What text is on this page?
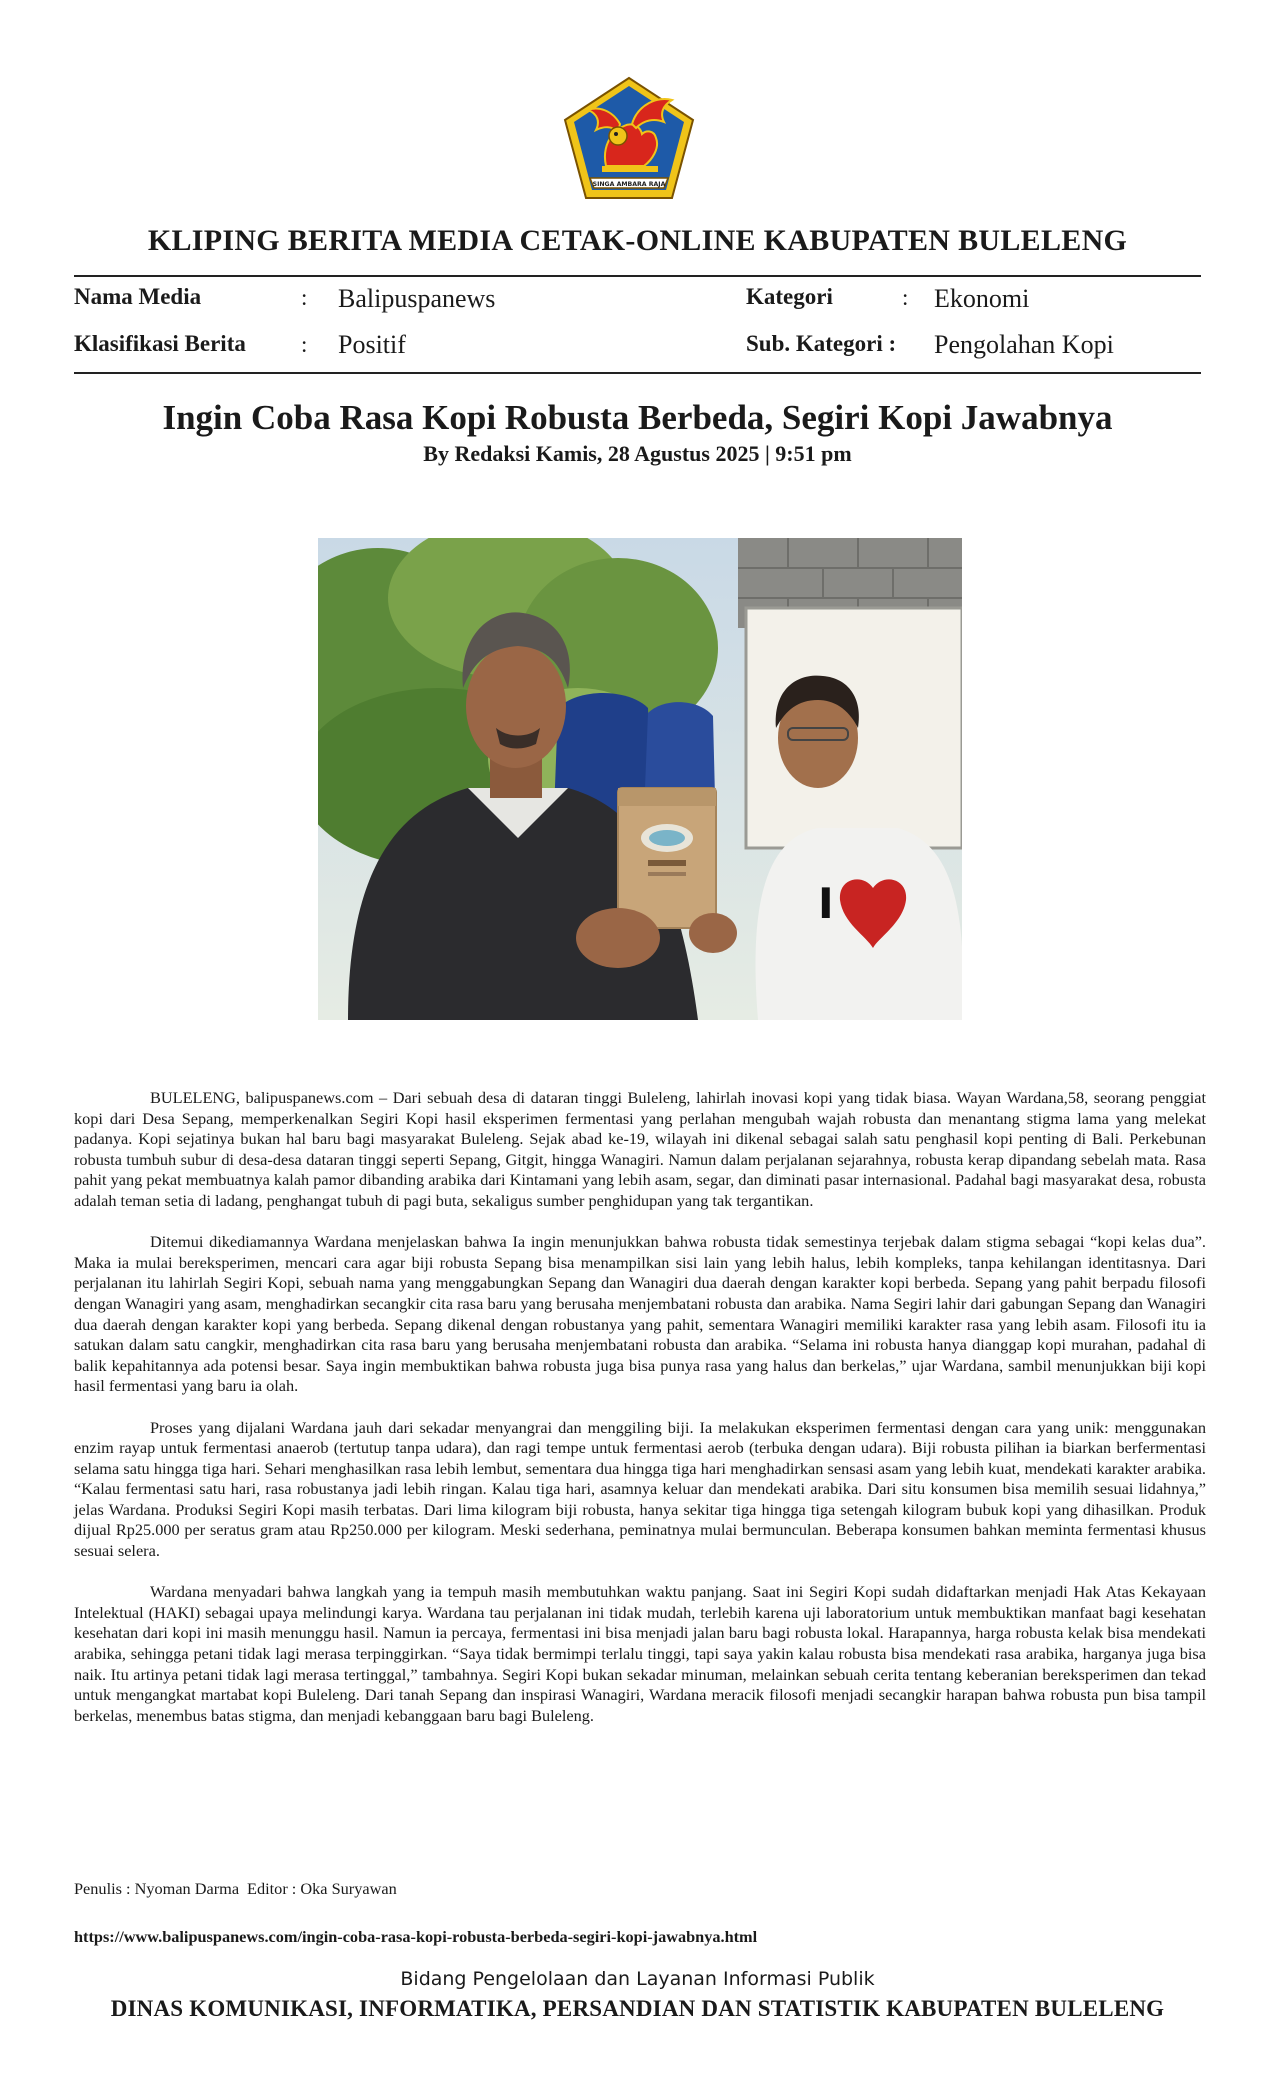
SINGA AMBARA RAJA
KLIPING BERITA MEDIA CETAK-ONLINE KABUPATEN BULELENG
Nama Media	: Balipuspanews
Klasifikasi Berita : Positif
Kategori	: Ekonomi
Sub. Kategori : Pengolahan Kopi
Ingin Coba Rasa Kopi Robusta Berbeda, Segiri Kopi Jawabnya
By Redaksi Kamis, 28 Agustus 2025 | 9:51 pm
I

BULELENG, balipuspanews.com – Dari sebuah desa di dataran tinggi Buleleng, lahirlah inovasi kopi yang tidak biasa. Wayan Wardana,58, seorang penggiat kopi dari Desa Sepang, memperkenalkan Segiri Kopi hasil eksperimen fermentasi yang perlahan mengubah wajah robusta dan menantang stigma lama yang melekat padanya. Kopi sejatinya bukan hal baru bagi masyarakat Buleleng. Sejak abad ke-19, wilayah ini dikenal sebagai salah satu penghasil kopi penting di Bali. Perkebunan robusta tumbuh subur di desa-desa dataran tinggi seperti Sepang, Gitgit, hingga Wanagiri. Namun dalam perjalanan sejarahnya, robusta kerap dipandang sebelah mata. Rasa pahit yang pekat membuatnya kalah pamor dibanding arabika dari Kintamani yang lebih asam, segar, dan diminati pasar internasional. Padahal bagi masyarakat desa, robusta adalah teman setia di ladang, penghangat tubuh di pagi buta, sekaligus sumber penghidupan yang tak tergantikan.

Ditemui dikediamannya Wardana menjelaskan bahwa Ia ingin menunjukkan bahwa robusta tidak semestinya terjebak dalam stigma sebagai “kopi kelas dua”. Maka ia mulai bereksperimen, mencari cara agar biji robusta Sepang bisa menampilkan sisi lain yang lebih halus, lebih kompleks, tanpa kehilangan identitasnya. Dari perjalanan itu lahirlah Segiri Kopi, sebuah nama yang menggabungkan Sepang dan Wanagiri dua daerah dengan karakter kopi berbeda. Sepang yang pahit berpadu filosofi dengan Wanagiri yang asam, menghadirkan secangkir cita rasa baru yang berusaha menjembatani robusta dan arabika. Nama Segiri lahir dari gabungan Sepang dan Wanagiri dua daerah dengan karakter kopi yang berbeda. Sepang dikenal dengan robustanya yang pahit, sementara Wanagiri memiliki karakter rasa yang lebih asam. Filosofi itu ia satukan dalam satu cangkir, menghadirkan cita rasa baru yang berusaha menjembatani robusta dan arabika. “Selama ini robusta hanya dianggap kopi murahan, padahal di balik kepahitannya ada potensi besar. Saya ingin membuktikan bahwa robusta juga bisa punya rasa yang halus dan berkelas,” ujar Wardana, sambil menunjukkan biji kopi hasil fermentasi yang baru ia olah.

Proses yang dijalani Wardana jauh dari sekadar menyangrai dan menggiling biji. Ia melakukan eksperimen fermentasi dengan cara yang unik: menggunakan enzim rayap untuk fermentasi anaerob (tertutup tanpa udara), dan ragi tempe untuk fermentasi aerob (terbuka dengan udara). Biji robusta pilihan ia biarkan berfermentasi selama satu hingga tiga hari. Sehari menghasilkan rasa lebih lembut, sementara dua hingga tiga hari menghadirkan sensasi asam yang lebih kuat, mendekati karakter arabika. “Kalau fermentasi satu hari, rasa robustanya jadi lebih ringan. Kalau tiga hari, asamnya keluar dan mendekati arabika. Dari situ konsumen bisa memilih sesuai lidahnya,” jelas Wardana. Produksi Segiri Kopi masih terbatas. Dari lima kilogram biji robusta, hanya sekitar tiga hingga tiga setengah kilogram bubuk kopi yang dihasilkan. Produk dijual Rp25.000 per seratus gram atau Rp250.000 per kilogram. Meski sederhana, peminatnya mulai bermunculan. Beberapa konsumen bahkan meminta fermentasi khusus sesuai selera.

Wardana menyadari bahwa langkah yang ia tempuh masih membutuhkan waktu panjang. Saat ini Segiri Kopi sudah didaftarkan menjadi Hak Atas Kekayaan Intelektual (HAKI) sebagai upaya melindungi karya. Wardana tau perjalanan ini tidak mudah, terlebih karena uji laboratorium untuk membuktikan manfaat bagi kesehatan kesehatan dari kopi ini masih menunggu hasil. Namun ia percaya, fermentasi ini bisa menjadi jalan baru bagi robusta lokal. Harapannya, harga robusta kelak bisa mendekati arabika, sehingga petani tidak lagi merasa terpinggirkan. “Saya tidak bermimpi terlalu tinggi, tapi saya yakin kalau robusta bisa mendekati rasa arabika, harganya juga bisa naik. Itu artinya petani tidak lagi merasa tertinggal,” tambahnya. Segiri Kopi bukan sekadar minuman, melainkan sebuah cerita tentang keberanian bereksperimen dan tekad untuk mengangkat martabat kopi Buleleng. Dari tanah Sepang dan inspirasi Wanagiri, Wardana meracik filosofi menjadi secangkir harapan bahwa robusta pun bisa tampil berkelas, menembus batas stigma, dan menjadi kebanggaan baru bagi Buleleng.

Penulis : Nyoman Darma Editor : Oka Suryawan
https://www.balipuspanews.com/ingin-coba-rasa-kopi-robusta-berbeda-segiri-kopi-jawabnya.html
Bidang Pengelolaan dan Layanan Informasi Publik
DINAS KOMUNIKASI, INFORMATIKA, PERSANDIAN DAN STATISTIK KABUPATEN BULELENG
